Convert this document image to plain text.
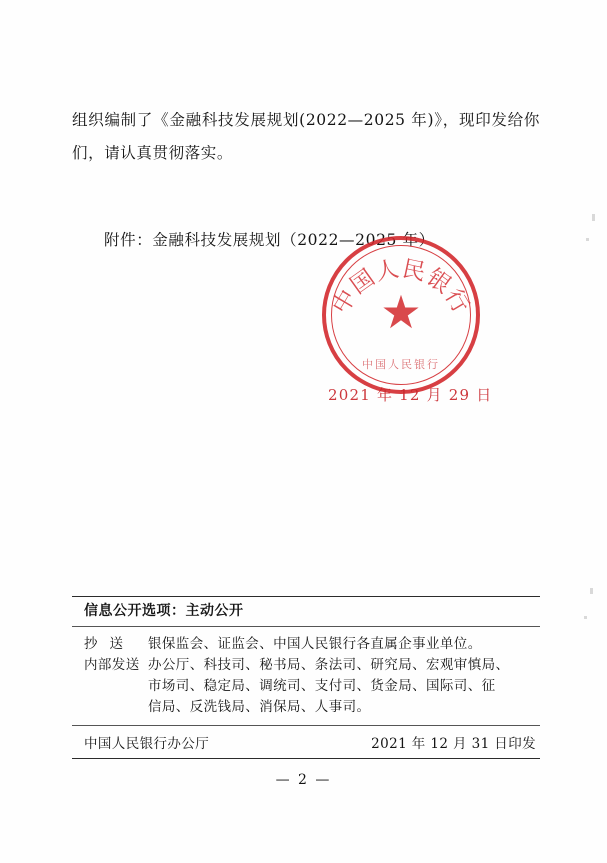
组织编制了《金融科技发展规划(2022—2025 年)》，现印发给你们，请认真贯彻落实。

附件：金融科技发展规划（2022—2025 年）

中国人民银行
★
中国人民银行
2021 年 12 月 29 日
信息公开选项：主动公开
抄送 银保监会、证监会、中国人民银行各直属企事业单位。
内部发送 办公厅、科技司、秘书局、条法司、研究局、宏观审慎局、
市场司、稳定局、调统司、支付司、货金局、国际司、征
信局、反洗钱局、消保局、人事司。
中国人民银行办公厅	2021 年 12 月 31 日印发
— 2 —
